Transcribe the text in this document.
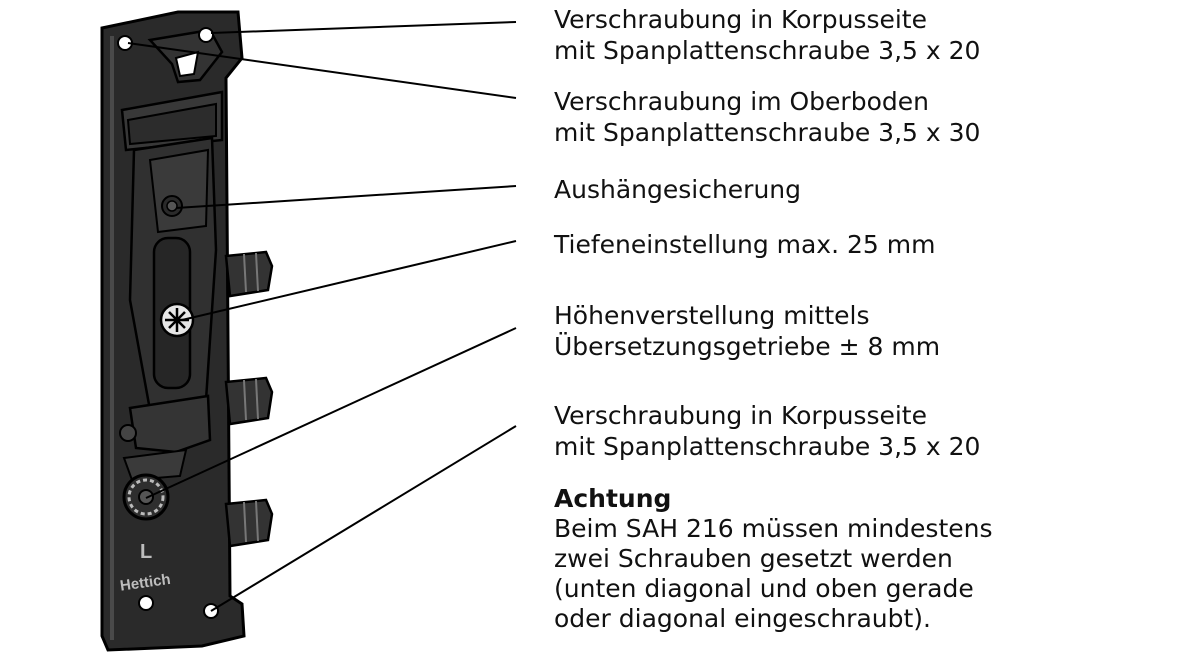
L
Hettich
Verschraubung in Korpusseite
mit Spanplattenschraube 3,5 x 20
Verschraubung im Oberboden
mit Spanplattenschraube 3,5 x 30
Aushängesicherung
Tiefeneinstellung max. 25 mm
Höhenverstellung mittels
Übersetzungsgetriebe ± 8 mm
Verschraubung in Korpusseite
mit Spanplattenschraube 3,5 x 20
Achtung
Beim SAH 216 müssen mindestens
zwei Schrauben gesetzt werden
(unten diagonal und oben gerade
oder diagonal eingeschraubt).
